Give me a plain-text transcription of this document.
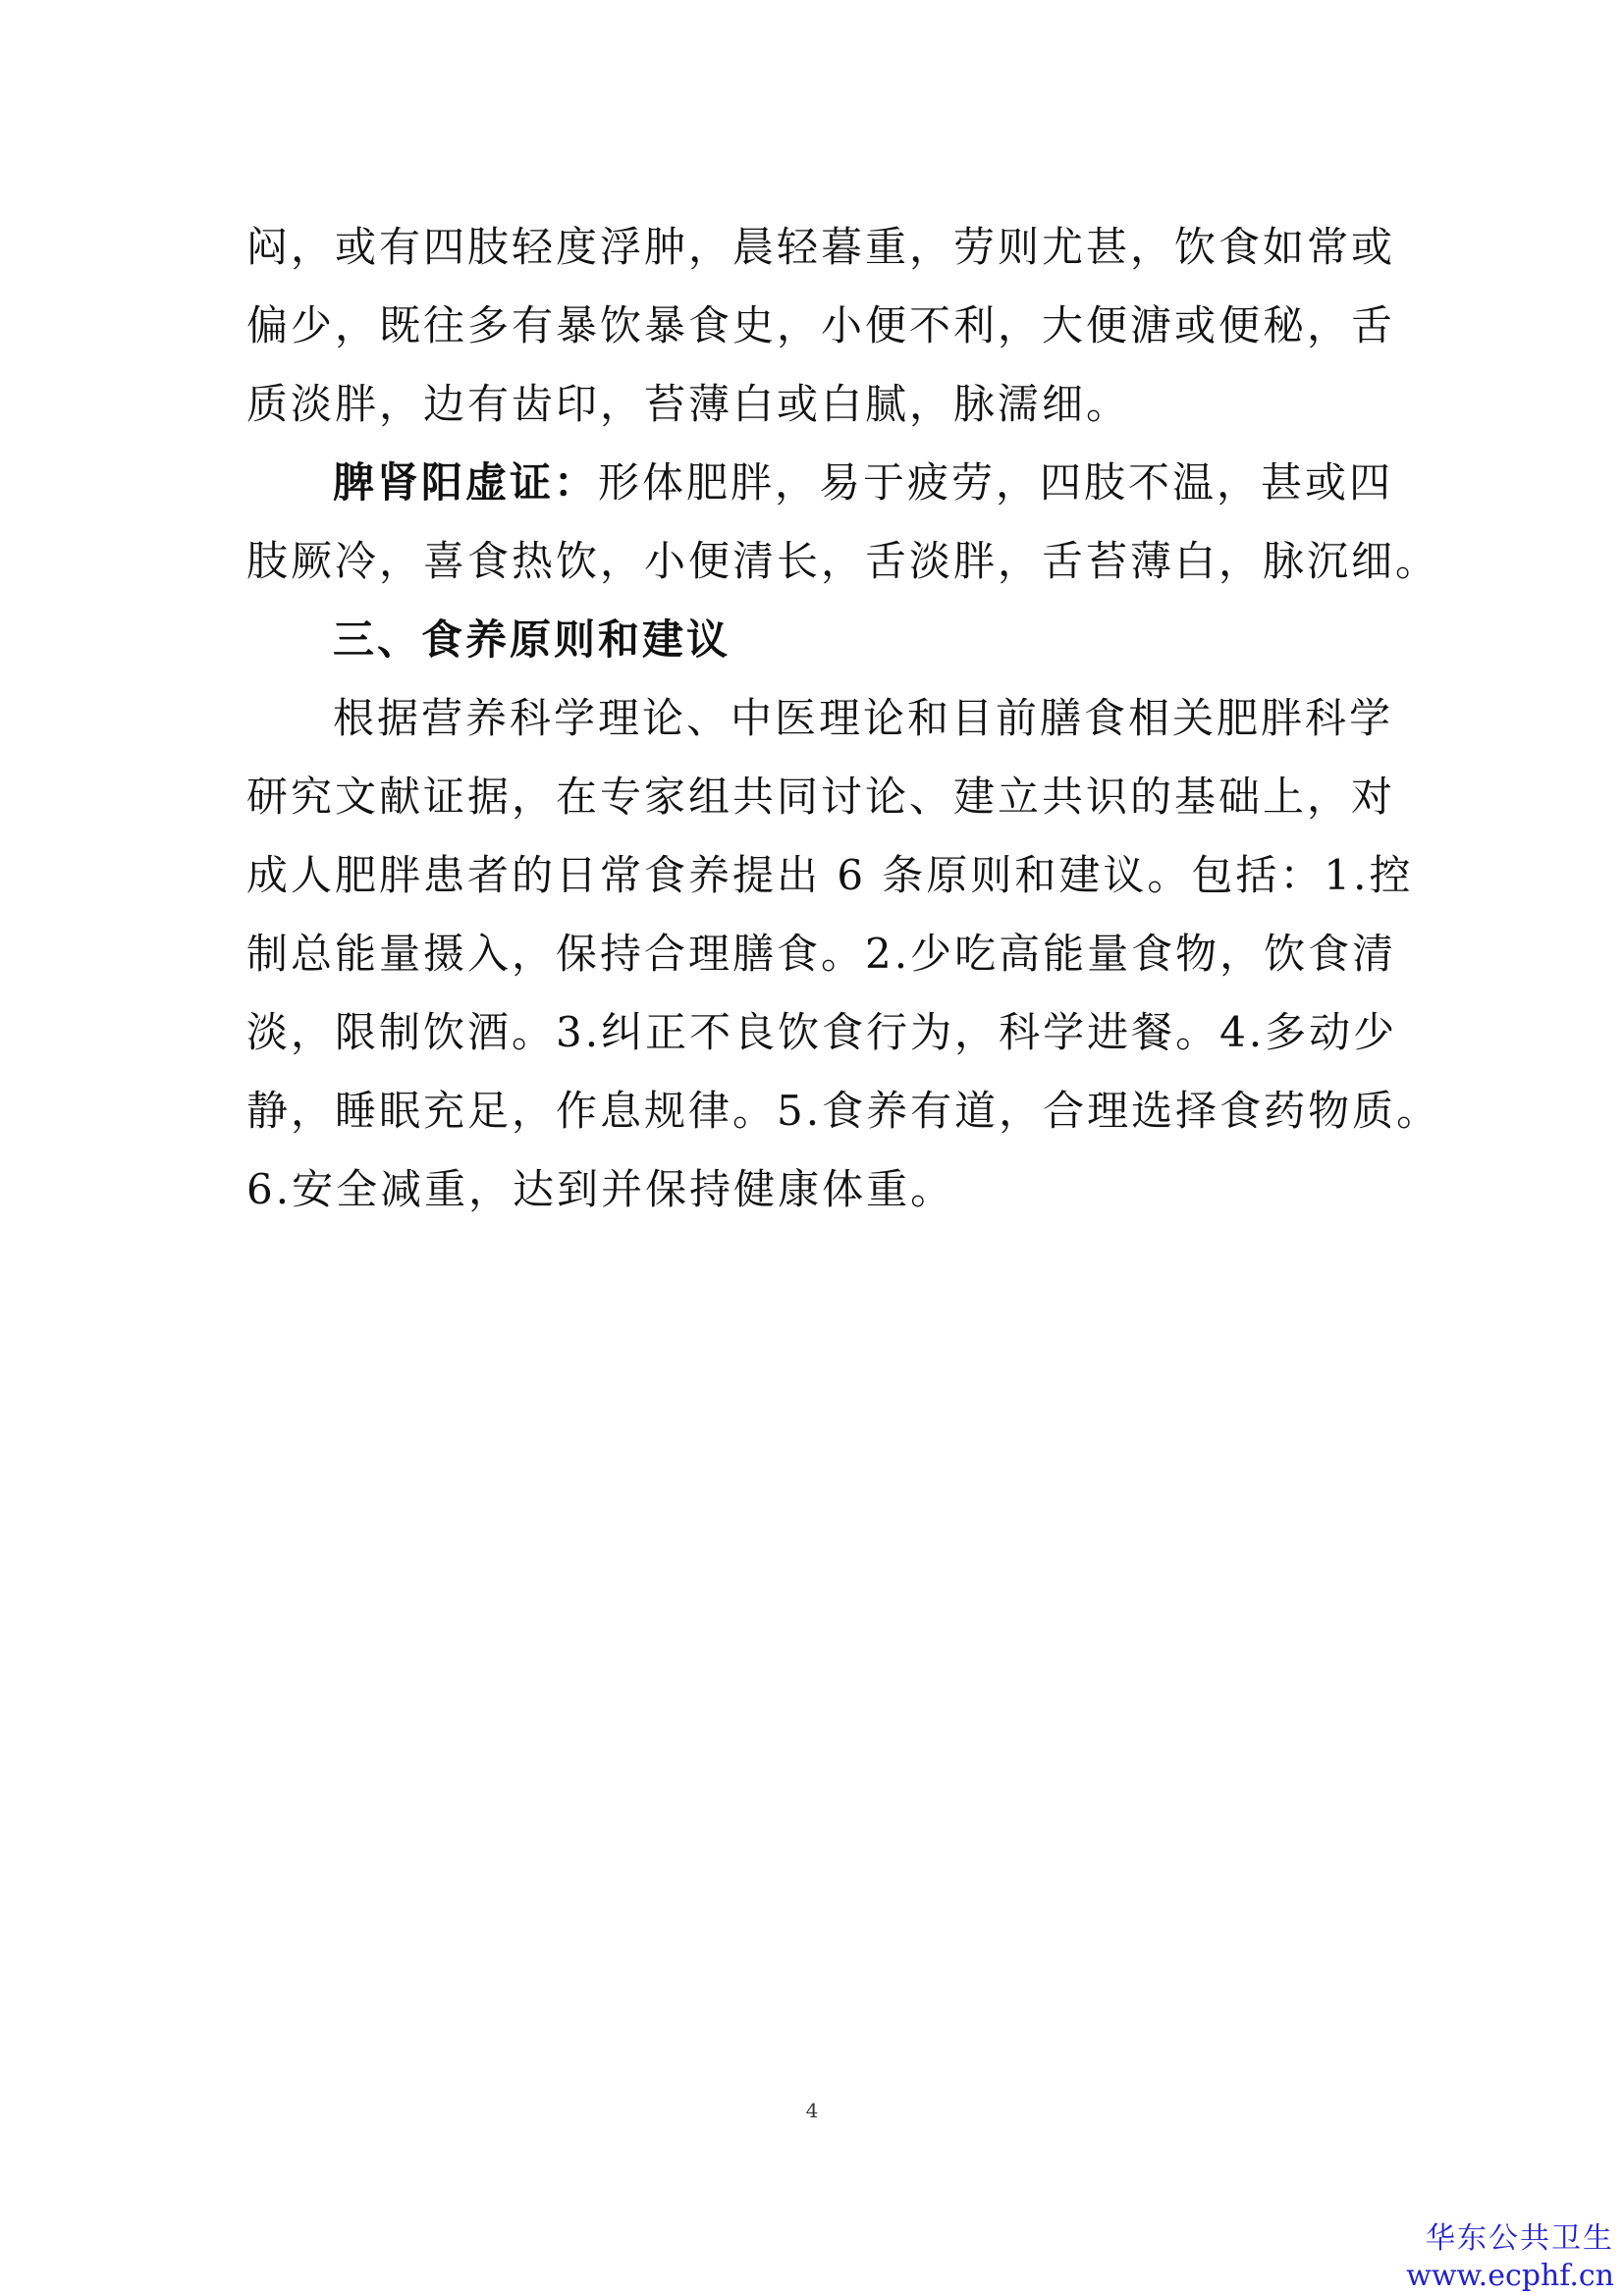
闷，或有四肢轻度浮肿，晨轻暮重，劳则尤甚，饮食如常或
偏少，既往多有暴饮暴食史，小便不利，大便溏或便秘，舌
质淡胖，边有齿印，苔薄白或白腻，脉濡细。
脾肾阳虚证：形体肥胖，易于疲劳，四肢不温，甚或四
肢厥冷，喜食热饮，小便清长，舌淡胖，舌苔薄白，脉沉细。
三、食养原则和建议
根据营养科学理论、中医理论和目前膳食相关肥胖科学
研究文献证据，在专家组共同讨论、建立共识的基础上，对
成人肥胖患者的日常食养提出 6 条原则和建议。包括：1.控
制总能量摄入，保持合理膳食。2.少吃高能量食物，饮食清
淡，限制饮酒。3.纠正不良饮食行为，科学进餐。4.多动少
静，睡眠充足，作息规律。5.食养有道，合理选择食药物质。
6.安全减重，达到并保持健康体重。
4
华东公共卫生
www.ecphf.cn
